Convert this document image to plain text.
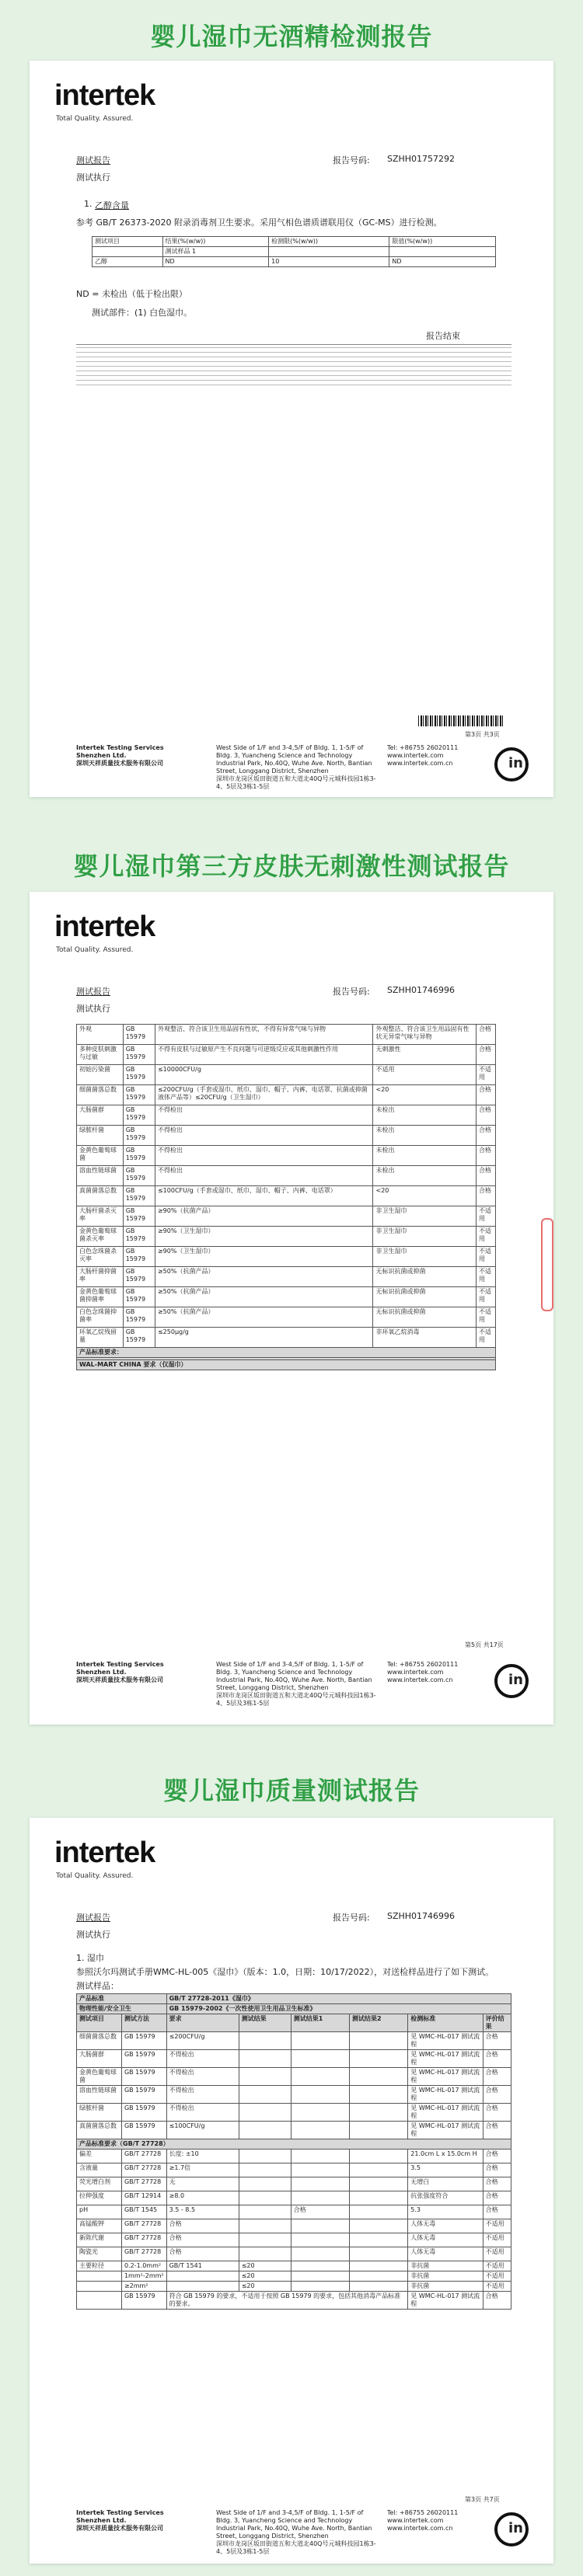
婴儿湿巾无酒精检测报告
intertek
Total Quality. Assured.
测试报告	报告号码: SZHH01757292
测试执行
1. 乙醇含量
参考 GB/T 26373-2020 附录消毒剂卫生要求。采用气相色谱质谱联用仪（GC-MS）进行检测。
测试项目	结果(%(w/w))	检测限(%(w/w))	限值(%(w/w))
	测试样品 1		
乙醇	ND	10	ND
ND = 未检出（低于检出限）
测试部件：(1) 白色湿巾。
报告结束
第3页 共3页
Intertek Testing Services Shenzhen Ltd.
深圳天祥质量技术服务有限公司
West Side of 1/F and 3-4,5/F of Bldg. 1, 1-5/F of Bldg. 3, Yuancheng Science and Technology Industrial Park, No.40Q, Wuhe Ave. North, Bantian Street, Longgang District, Shenzhen
深圳市龙岗区坂田街道五和大道北40Q号元城科技园1栋3-4、5层及3栋1-5层
Tel: +86755 26020111
www.intertek.com
www.intertek.com.cn	in
婴儿湿巾第三方皮肤无刺激性测试报告
intertek
Total Quality. Assured.
测试报告	报告号码: SZHH01746996
测试执行
外观	GB 15979	外观整洁、符合该卫生用品固有性状，不得有异常气味与异物	外观整洁、符合该卫生用品固有性状无异常气味与异物	合格
多种皮肤刺激与过敏	GB 15979	不得有皮肤与过敏原产生不良问题与可逆级反应或其他刺激性作用	无刺激性	合格
初始污染菌	GB 15979	≤10000CFU/g	不适用	不适用
细菌菌落总数	GB 15979	≤200CFU/g（手套或湿巾、纸巾、湿巾、帽子、内裤、电话罩、抗菌或抑菌液体产品等）≤20CFU/g（卫生湿巾）	<20	合格
大肠菌群	GB 15979	不得检出	未检出	合格
绿脓杆菌	GB 15979	不得检出	未检出	合格
金黄色葡萄球菌	GB 15979	不得检出	未检出	合格
溶血性链球菌	GB 15979	不得检出	未检出	合格
真菌菌落总数	GB 15979	≤100CFU/g（手套或湿巾、纸巾、湿巾、帽子、内裤、电话罩）	<20	合格
大肠杆菌杀灭率	GB 15979	≥90%（抗菌产品）	非卫生湿巾	不适用
金黄色葡萄球菌杀灭率	GB 15979	≥90%（卫生湿巾）	非卫生湿巾	不适用
白色念珠菌杀灭率	GB 15979	≥90%（卫生湿巾）	非卫生湿巾	不适用
大肠杆菌抑菌率	GB 15979	≥50%（抗菌产品）	无标识抗菌或抑菌	不适用
金黄色葡萄球菌抑菌率	GB 15979	≥50%（抗菌产品）	无标识抗菌或抑菌	不适用
白色念珠菌抑菌率	GB 15979	≥50%（抗菌产品）	无标识抗菌或抑菌	不适用
环氧乙烷残留量	GB 15979	≤250μg/g	非环氧乙烷消毒	不适用
产品标准要求：				

WAL-MART CHINA 要求（仅湿巾）				
第5页 共17页
Intertek Testing Services Shenzhen Ltd.
深圳天祥质量技术服务有限公司
West Side of 1/F and 3-4,5/F of Bldg. 1, 1-5/F of Bldg. 3, Yuancheng Science and Technology Industrial Park, No.40Q, Wuhe Ave. North, Bantian Street, Longgang District, Shenzhen
深圳市龙岗区坂田街道五和大道北40Q号元城科技园1栋3-4、5层及3栋1-5层
Tel: +86755 26020111
www.intertek.com
www.intertek.com.cn	in
婴儿湿巾质量测试报告
intertek
Total Quality. Assured.
测试报告	报告号码: SZHH01746996
测试执行
1. 湿巾
参照沃尔玛测试手册WMC-HL-005《湿巾》（版本：1.0，日期：10/17/2022），对送检样品进行了如下测试。
测试样品：
产品标准		GB/T 27728-2011《湿巾》					
物理性能/安全卫生		GB 15979-2002《一次性使用卫生用品卫生标准》					
测试项目	测试方法	要求	测试结果	测试结果1	测试结果2	检测标准	评价结果
细菌菌落总数	GB 15979	≤200CFU/g				见 WMC-HL-017 测试流程	合格
大肠菌群	GB 15979	不得检出				见 WMC-HL-017 测试流程	合格
金黄色葡萄球菌	GB 15979	不得检出				见 WMC-HL-017 测试流程	合格
溶血性链球菌	GB 15979	不得检出				见 WMC-HL-017 测试流程	合格
绿脓杆菌	GB 15979	不得检出				见 WMC-HL-017 测试流程	合格
真菌菌落总数	GB 15979	≤100CFU/g				见 WMC-HL-017 测试流程	合格
产品标准要求（GB/T 27728）							
偏差	GB/T 27728	长度: ±10				21.0cm L x 15.0cm H	合格
含液量	GB/T 27728	≥1.7倍				3.5	合格
荧光增白剂	GB/T 27728	无				无增白	合格
拉伸强度	GB/T 12914	≥8.0				抗张强度符合	合格
pH	GB/T 1545	3.5 - 8.5		合格		5.3	合格
高锰酸钾	GB/T 27728	合格				人体无毒	不适用
新陈代谢	GB/T 27728	合格				人体无毒	不适用
陶瓷光	GB/T 27728	合格				人体无毒	不适用
主要粒径	0.2-1.0mm²	GB/T 1541	≤20			非抗菌	不适用
	1mm²-2mm²		≤20			非抗菌	不适用
	≥2mm²		≤20			非抗菌	不适用
	GB 15979	符合 GB 15979 的要求，不适用于按照 GB 15979 的要求，包括其他消毒产品标准的要求。				见 WMC-HL-017 测试流程	合格
第3页 共7页
Intertek Testing Services Shenzhen Ltd.
深圳天祥质量技术服务有限公司
West Side of 1/F and 3-4,5/F of Bldg. 1, 1-5/F of Bldg. 3, Yuancheng Science and Technology Industrial Park, No.40Q, Wuhe Ave. North, Bantian Street, Longgang District, Shenzhen
深圳市龙岗区坂田街道五和大道北40Q号元城科技园1栋3-4、5层及3栋1-5层
Tel: +86755 26020111
www.intertek.com
www.intertek.com.cn	in
